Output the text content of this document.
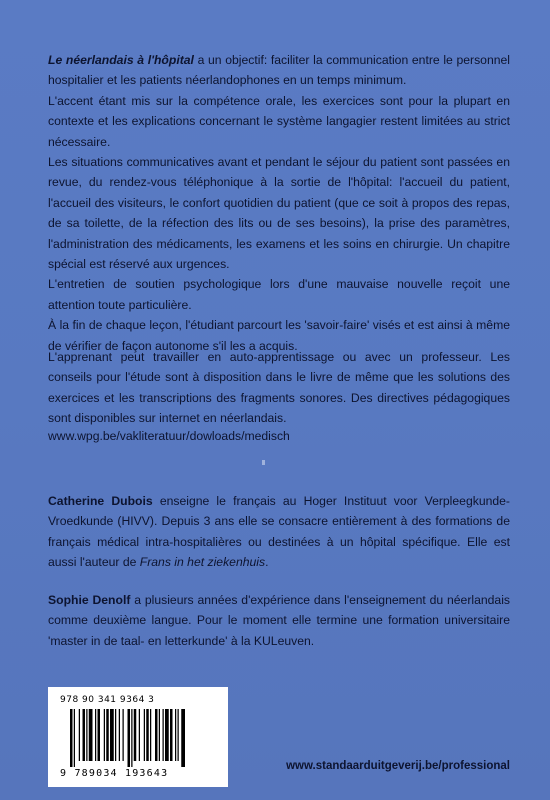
Le néerlandais à l'hôpital a un objectif: faciliter la communication entre le personnel hospitalier et les patients néerlandophones en un temps minimum.

L'accent étant mis sur la compétence orale, les exercices sont pour la plupart en contexte et les explications concernant le système langagier restent limitées au strict nécessaire.

Les situations communicatives avant et pendant le séjour du patient sont passées en revue, du rendez-vous téléphonique à la sortie de l'hôpital: l'accueil du patient, l'accueil des visiteurs, le confort quotidien du patient (que ce soit à propos des repas, de sa toilette, de la réfection des lits ou de ses besoins), la prise des paramètres, l'administration des médicaments, les examens et les soins en chirurgie. Un chapitre spécial est réservé aux urgences.

L'entretien de soutien psychologique lors d'une mauvaise nouvelle reçoit une attention toute particulière.

À la fin de chaque leçon, l'étudiant parcourt les 'savoir-faire' visés et est ainsi à même de vérifier de façon autonome s'il les a acquis.

L'apprenant peut travailler en auto-apprentissage ou avec un professeur. Les conseils pour l'étude sont à disposition dans le livre de même que les solutions des exercices et les transcriptions des fragments sonores. Des directives pédagogiques sont disponibles sur internet en néerlandais.

www.wpg.be/vakliteratuur/dowloads/medisch

Catherine Dubois enseigne le français au Hoger Instituut voor Verpleegkunde-Vroedkunde (HIVV). Depuis 3 ans elle se consacre entièrement à des formations de français médical intra-hospitalières ou destinées à un hôpital spécifique. Elle est aussi l'auteur de Frans in het ziekenhuis.

Sophie Denolf a plusieurs années d'expérience dans l'enseignement du néerlandais comme deuxième langue. Pour le moment elle termine une formation universitaire 'master in de taal- en letterkunde' à la KULeuven.

978 90 341 9364 3
9 789034 193643
www.standaarduitgeverij.be/professional
